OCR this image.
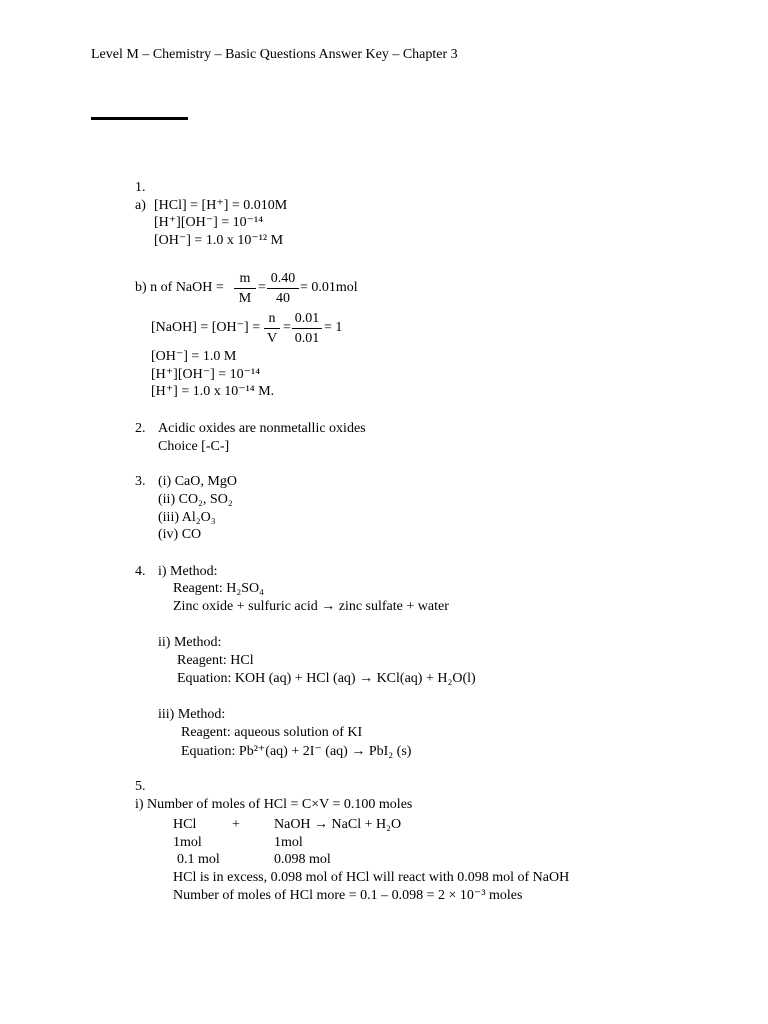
Level M – Chemistry – Basic Questions Answer Key – Chapter 3
1.
a) [HCl] = [H⁺] = 0.010M
[H⁺][OH⁻] = 10⁻¹⁴
[OH⁻] = 1.0 x 10⁻¹² M
b) n of NaOH =
m
M
=
0.40
40
= 0.01mol
[NaOH] = [OH⁻] =
n
V
=
0.01
0.01
= 1
[OH⁻] = 1.0 M
[H⁺][OH⁻] = 10⁻¹⁴
[H⁺] = 1.0 x 10⁻¹⁴ M.
2. Acidic oxides are nonmetallic oxides
Choice [-C-]
3. (i) CaO, MgO
(ii) CO₂, SO₂
(iii) Al₂O₃
(iv) CO
4. i) Method:
Reagent: H₂SO₄
Zinc oxide + sulfuric acid → zinc sulfate + water
ii) Method:
Reagent: HCl
Equation: KOH (aq) + HCl (aq) → KCl(aq) + H₂O(l)
iii) Method:
Reagent: aqueous solution of KI
Equation: Pb²⁺(aq) + 2I⁻ (aq) → PbI₂ (s)
5.
i) Number of moles of HCl = C×V = 0.100 moles
HCl	+ NaOH → NaCl + H₂O
1mol	1mol
0.1 mol	0.098 mol
HCl is in excess, 0.098 mol of HCl will react with 0.098 mol of NaOH
Number of moles of HCl more = 0.1 – 0.098 = 2 × 10⁻³ moles
